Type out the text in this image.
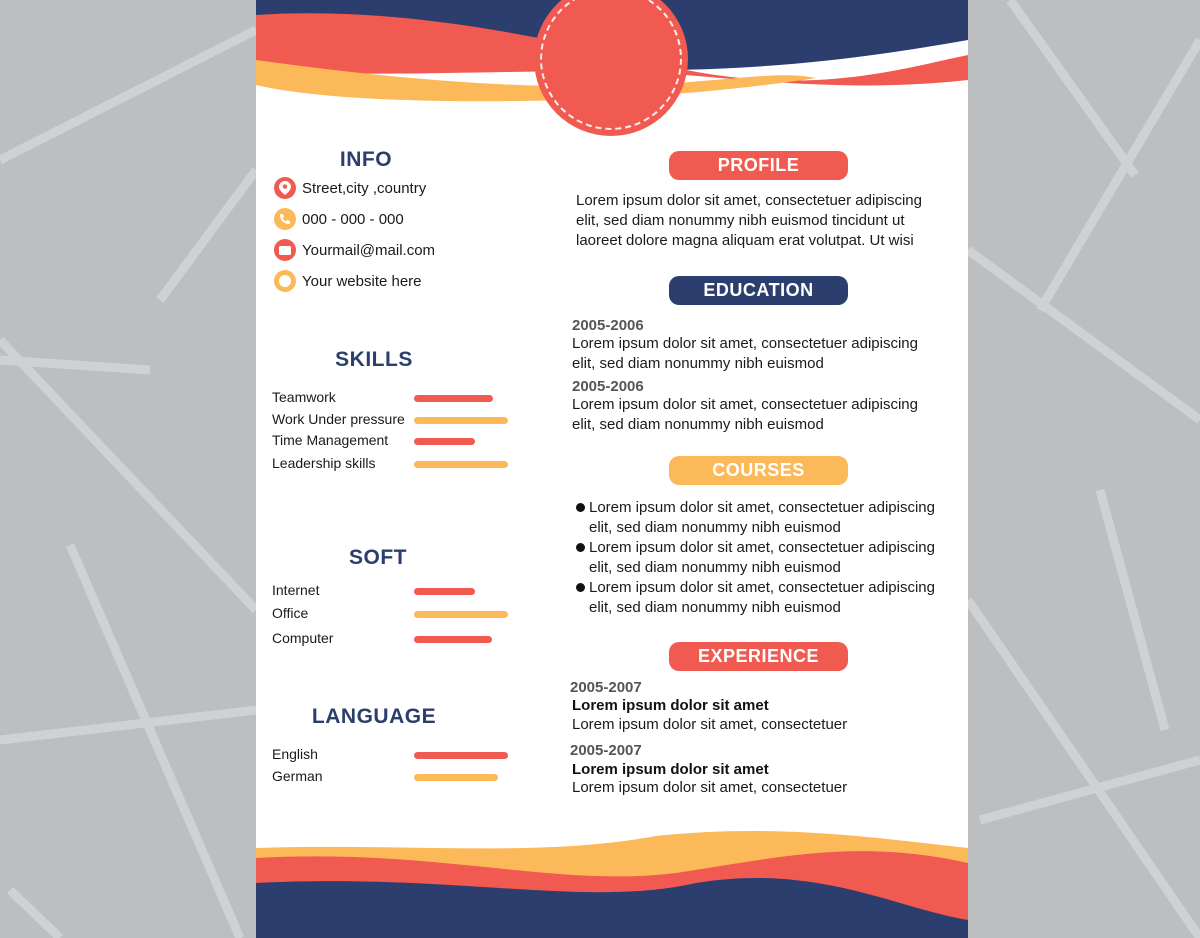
INFO
Street,city ,country
000 - 000 - 000
Yourmail@mail.com
Your website here
SKILLS
Teamwork
Work Under pressure
Time Management
Leadership skills
SOFT
Internet
Office
Computer
LANGUAGE
English
German
PROFILE
Lorem ipsum dolor sit amet, consectetuer adipiscing
elit, sed diam nonummy nibh euismod tincidunt ut
laoreet dolore magna aliquam erat volutpat. Ut wisi
EDUCATION
2005-2006
Lorem ipsum dolor sit amet, consectetuer adipiscing
elit, sed diam nonummy nibh euismod
2005-2006
Lorem ipsum dolor sit amet, consectetuer adipiscing
elit, sed diam nonummy nibh euismod
COURSES
Lorem ipsum dolor sit amet, consectetuer adipiscing
elit, sed diam nonummy nibh euismod
Lorem ipsum dolor sit amet, consectetuer adipiscing
elit, sed diam nonummy nibh euismod
Lorem ipsum dolor sit amet, consectetuer adipiscing
elit, sed diam nonummy nibh euismod
EXPERIENCE
2005-2007
Lorem ipsum dolor sit amet
Lorem ipsum dolor sit amet, consectetuer
2005-2007
Lorem ipsum dolor sit amet
Lorem ipsum dolor sit amet, consectetuer
